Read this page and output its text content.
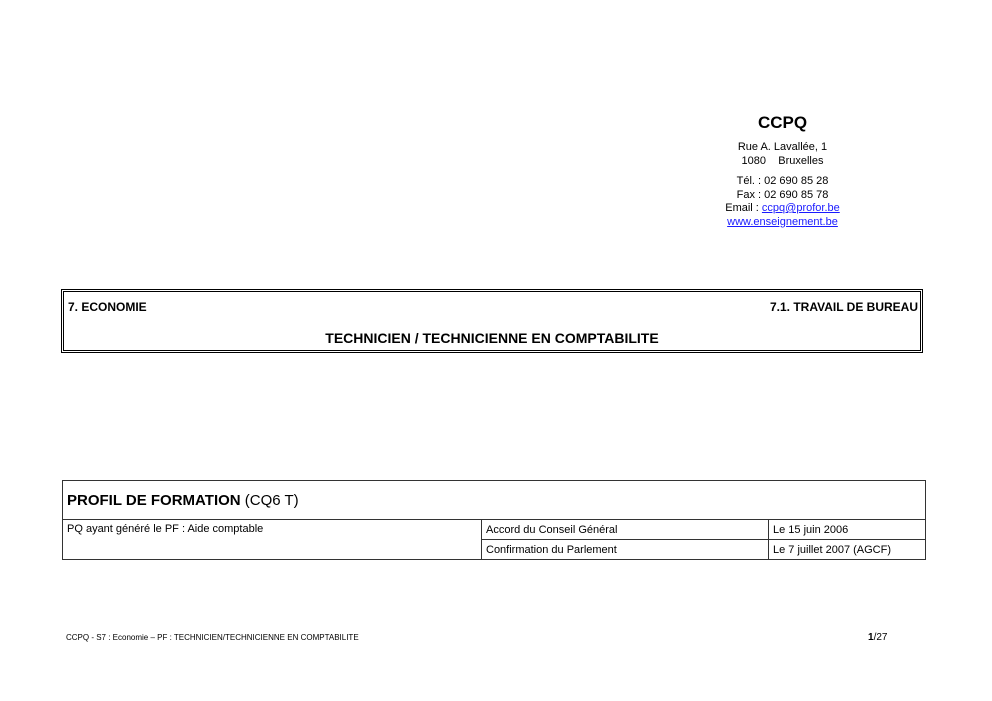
CCPQ
Rue A. Lavallée, 1
1080    Bruxelles
Tél. : 02 690 85 28
Fax : 02 690 85 78
Email : ccpq@profor.be
www.enseignement.be
7. ECONOMIE	7.1. TRAVAIL DE BUREAU
TECHNICIEN / TECHNICIENNE EN COMPTABILITE
PROFIL DE FORMATION (CQ6 T)		
PQ ayant généré le PF : Aide comptable	Accord du Conseil Général	Le 15 juin 2006
	Confirmation du Parlement	Le 7 juillet 2007 (AGCF)
CCPQ - S7 : Economie – PF : TECHNICIEN/TECHNICIENNE EN COMPTABILITE	1/27
